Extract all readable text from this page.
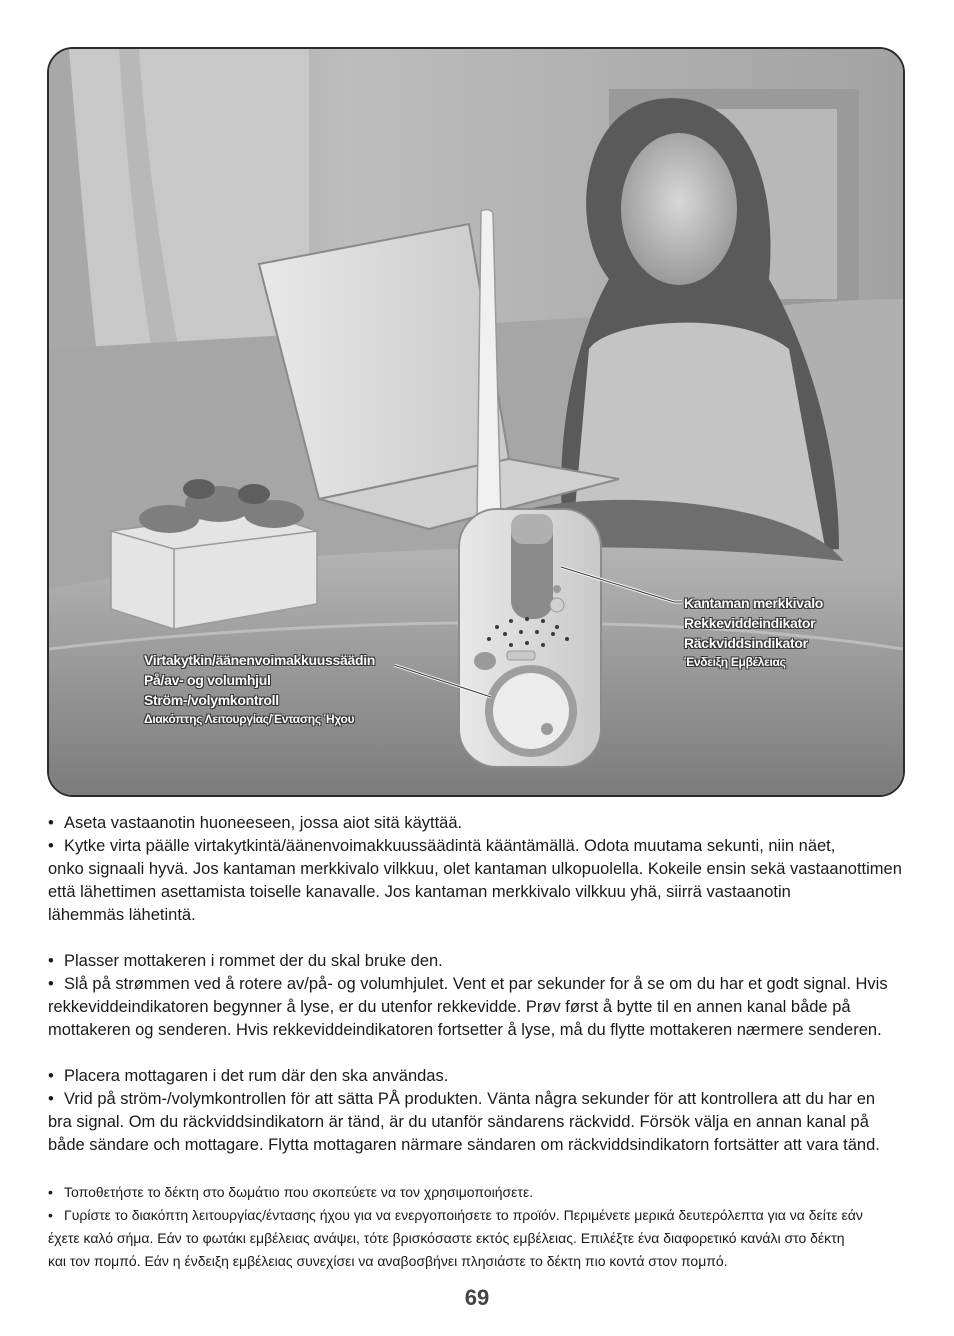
Virtakytkin/äänenvoimakkuussäädin
På/av- og volumhjul
Ström-/volymkontroll
Διακόπτης Λειτουργίας/Έντασης Ήχου
Kantaman merkkivalo
Rekkeviddeindikator
Räckviddsindikator
Ένδειξη Εμβέλειας

• Aseta vastaanotin huoneeseen, jossa aiot sitä käyttää.

• Kytke virta päälle virtakytkintä/äänenvoimakkuussäädintä kääntämällä. Odota muutama sekunti, niin näet,
onko signaali hyvä. Jos kantaman merkkivalo vilkkuu, olet kantaman ulkopuolella. Kokeile ensin sekä vastaanottimen
että lähettimen asettamista toiselle kanavalle. Jos kantaman merkkivalo vilkkuu yhä, siirrä vastaanotin
lähemmäs lähetintä.

• Plasser mottakeren i rommet der du skal bruke den.

• Slå på strømmen ved å rotere av/på- og volumhjulet. Vent et par sekunder for å se om du har et godt signal. Hvis
rekkeviddeindikatoren begynner å lyse, er du utenfor rekkevidde. Prøv først å bytte til en annen kanal både på
mottakeren og senderen. Hvis rekkeviddeindikatoren fortsetter å lyse, må du flytte mottakeren nærmere senderen.

• Placera mottagaren i det rum där den ska användas.

• Vrid på ström-/volymkontrollen för att sätta PÅ produkten. Vänta några sekunder för att kontrollera att du har en
bra signal. Om du räckviddsindikatorn är tänd, är du utanför sändarens räckvidd. Försök välja en annan kanal på
både sändare och mottagare. Flytta mottagaren närmare sändaren om räckviddsindikatorn fortsätter att vara tänd.

• Τοποθετήστε το δέκτη στο δωμάτιο που σκοπεύετε να τον χρησιμοποιήσετε.

• Γυρίστε το διακόπτη λειτουργίας/έντασης ήχου για να ενεργοποιήσετε το προϊόν. Περιμένετε μερικά δευτερόλεπτα για να δείτε εάν
έχετε καλό σήμα. Εάν το φωτάκι εμβέλειας ανάψει, τότε βρισκόσαστε εκτός εμβέλειας. Επιλέξτε ένα διαφορετικό κανάλι στο δέκτη
και τον πομπό. Εάν η ένδειξη εμβέλειας συνεχίσει να αναβοσβήνει πλησιάστε το δέκτη πιο κοντά στον πομπό.

69
